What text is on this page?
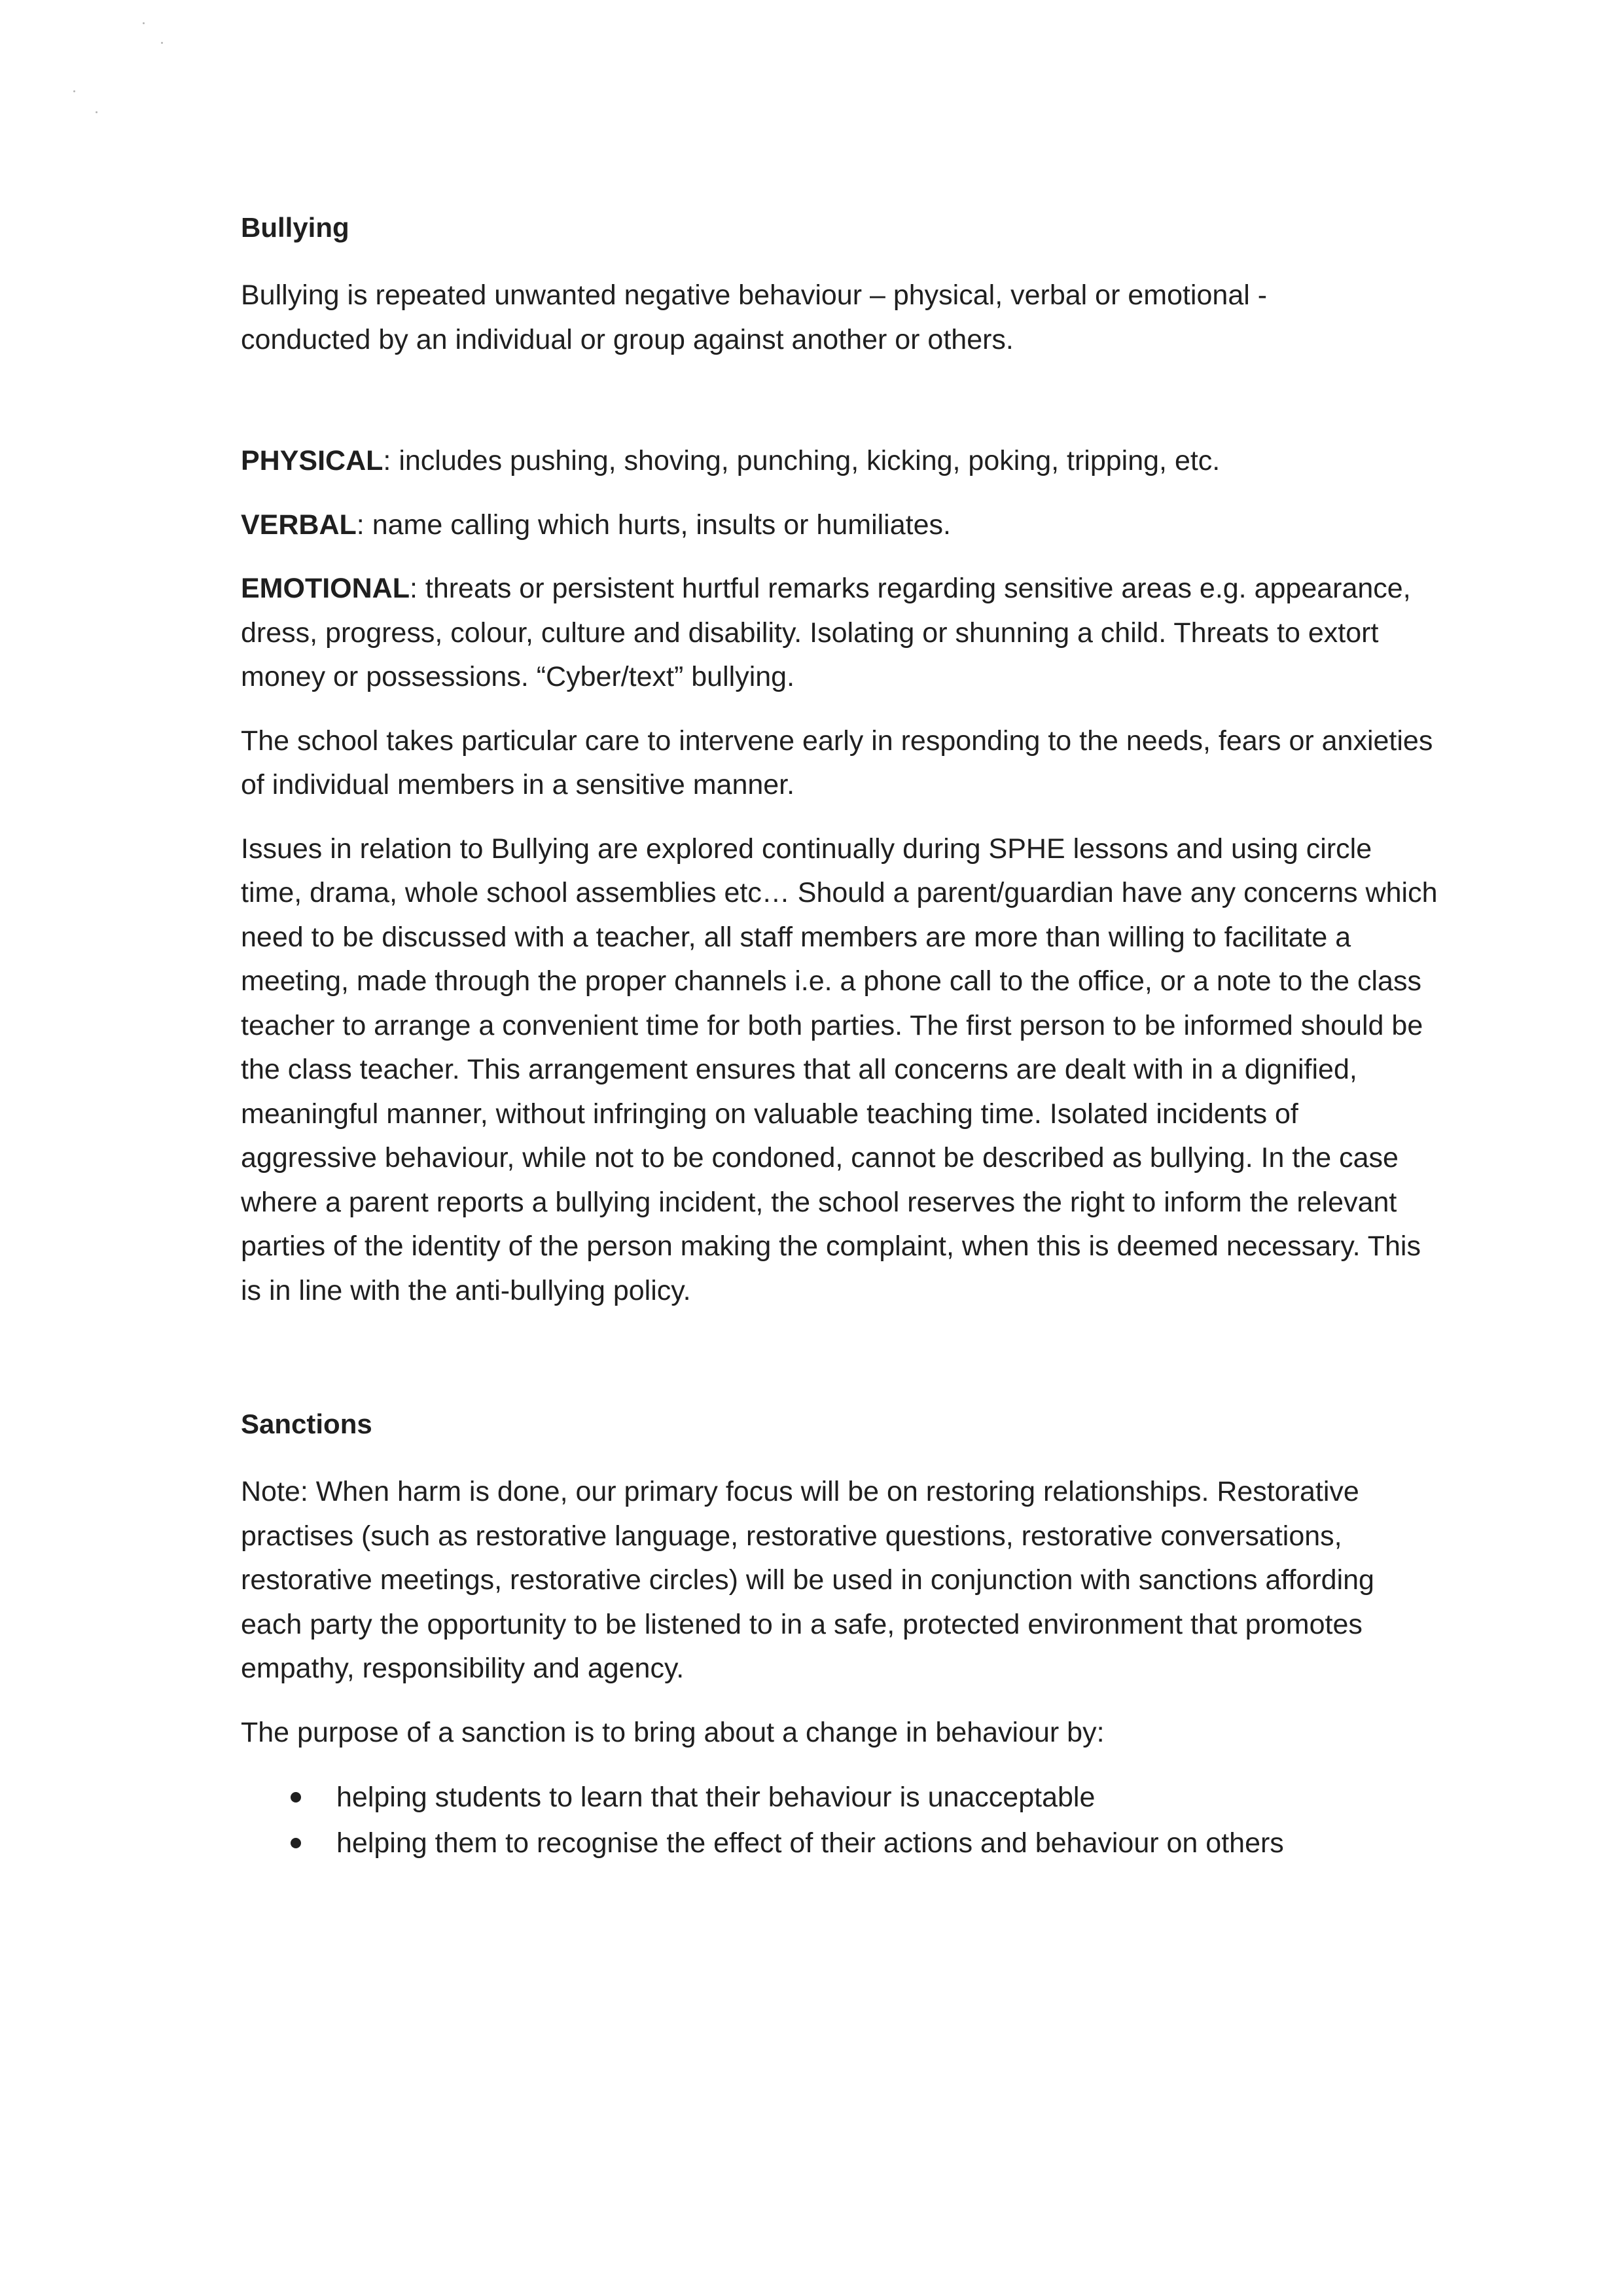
Bullying

Bullying is repeated unwanted negative behaviour – physical, verbal or emotional - conducted by an individual or group against another or others.

PHYSICAL: includes pushing, shoving, punching, kicking, poking, tripping, etc.

VERBAL: name calling which hurts, insults or humiliates.

EMOTIONAL: threats or persistent hurtful remarks regarding sensitive areas e.g. appearance, dress, progress, colour, culture and disability. Isolating or shunning a child. Threats to extort money or possessions. “Cyber/text” bullying.

The school takes particular care to intervene early in responding to the needs, fears or anxieties of individual members in a sensitive manner.

Issues in relation to Bullying are explored continually during SPHE lessons and using circle time, drama, whole school assemblies etc… Should a parent/guardian have any concerns which need to be discussed with a teacher, all staff members are more than willing to facilitate a meeting, made through the proper channels i.e. a phone call to the office, or a note to the class teacher to arrange a convenient time for both parties. The first person to be informed should be the class teacher. This arrangement ensures that all concerns are dealt with in a dignified, meaningful manner, without infringing on valuable teaching time. Isolated incidents of aggressive behaviour, while not to be condoned, cannot be described as bullying. In the case where a parent reports a bullying incident, the school reserves the right to inform the relevant parties of the identity of the person making the complaint, when this is deemed necessary. This is in line with the anti-bullying policy.

Sanctions

Note: When harm is done, our primary focus will be on restoring relationships. Restorative practises (such as restorative language, restorative questions, restorative conversations, restorative meetings, restorative circles) will be used in conjunction with sanctions affording each party the opportunity to be listened to in a safe, protected environment that promotes empathy, responsibility and agency.

The purpose of a sanction is to bring about a change in behaviour by:

helping students to learn that their behaviour is unacceptable
helping them to recognise the effect of their actions and behaviour on others
